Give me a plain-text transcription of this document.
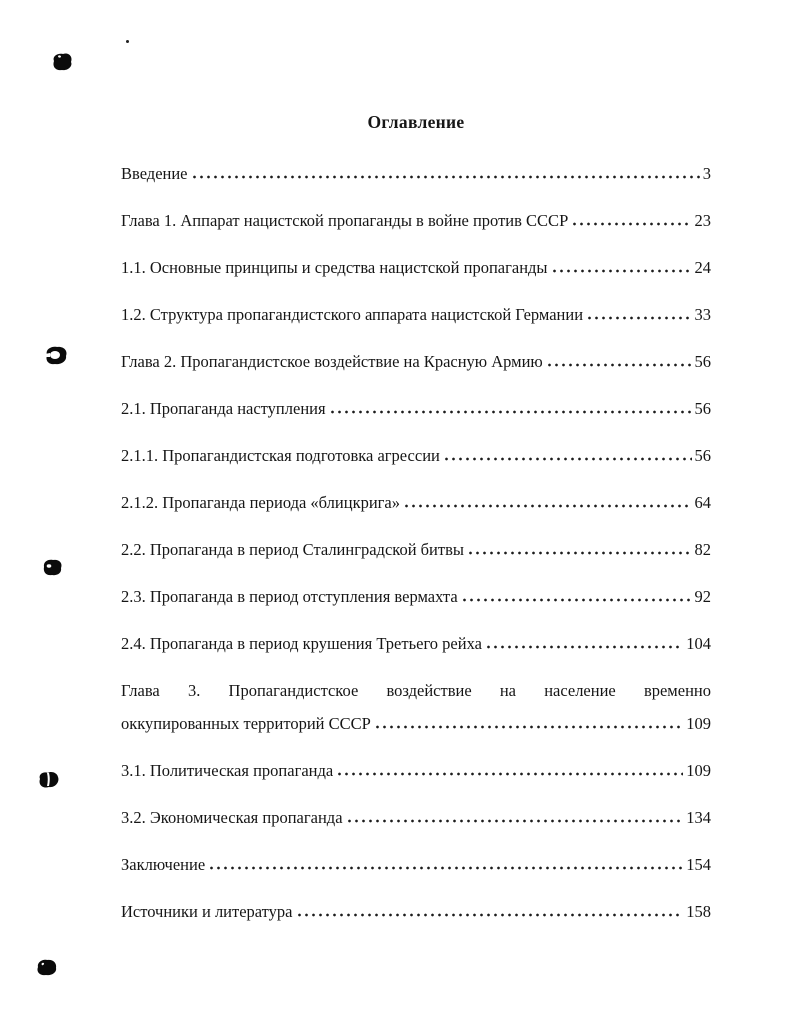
Оглавление
Введение	3
Глава 1. Аппарат нацистской пропаганды в войне против СССР	23
1.1. Основные принципы и средства нацистской пропаганды	24
1.2. Структура пропагандистского аппарата нацистской Германии	33
Глава 2. Пропагандистское воздействие на Красную Армию	56
2.1. Пропаганда наступления	56
2.1.1. Пропагандистская подготовка агрессии	56
2.1.2. Пропаганда периода «блицкрига»	64
2.2. Пропаганда в период Сталинградской битвы	82
2.3. Пропаганда в период отступления вермахта	92
2.4. Пропаганда в период крушения Третьего рейха	104
Глава 3. Пропагандистское воздействие на население временно
оккупированных территорий СССР	109
3.1. Политическая пропаганда	109
3.2. Экономическая пропаганда	134
Заключение	154
Источники и литература	158
